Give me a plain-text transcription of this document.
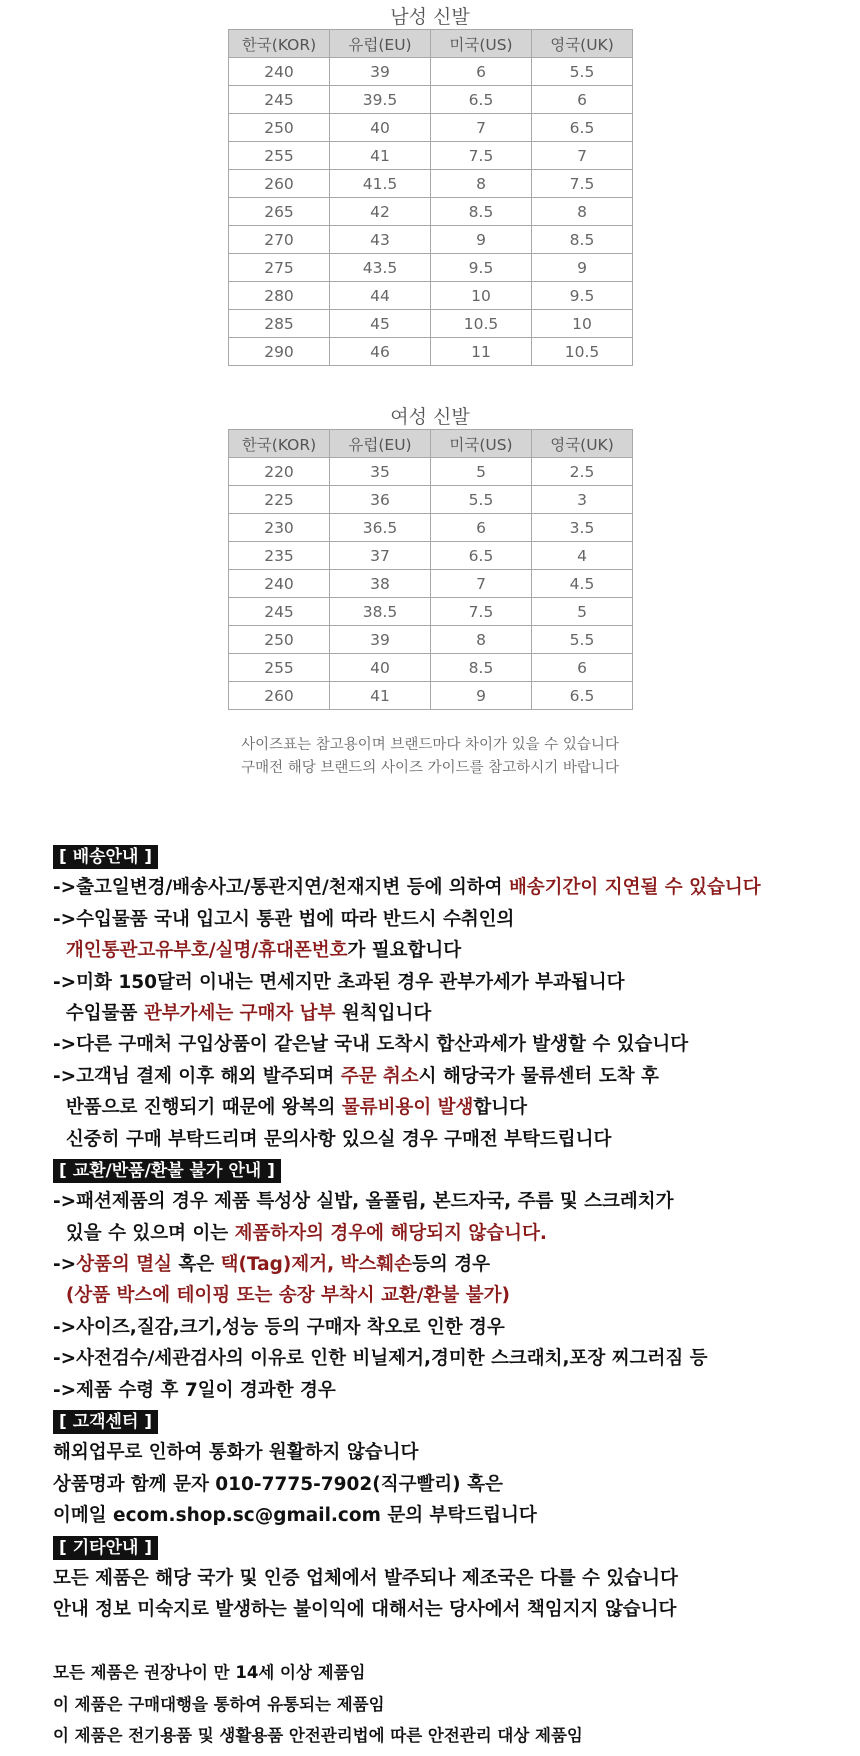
남성 신발
한국(KOR)	유럽(EU)	미국(US)	영국(UK)
240	39	6	5.5
245	39.5	6.5	6
250	40	7	6.5
255	41	7.5	7
260	41.5	8	7.5
265	42	8.5	8
270	43	9	8.5
275	43.5	9.5	9
280	44	10	9.5
285	45	10.5	10
290	46	11	10.5
여성 신발
한국(KOR)	유럽(EU)	미국(US)	영국(UK)
220	35	5	2.5
225	36	5.5	3
230	36.5	6	3.5
235	37	6.5	4
240	38	7	4.5
245	38.5	7.5	5
250	39	8	5.5
255	40	8.5	6
260	41	9	6.5
사이즈표는 참고용이며 브랜드마다 차이가 있을 수 있습니다
구매전 해당 브랜드의 사이즈 가이드를 참고하시기 바랍니다
[ 배송안내 ]
->출고일변경/배송사고/통관지연/천재지변 등에 의하여 배송기간이 지연될 수 있습니다
->수입물품 국내 입고시 통관 법에 따라 반드시 수취인의
개인통관고유부호/실명/휴대폰번호가 필요합니다
->미화 150달러 이내는 면세지만 초과된 경우 관부가세가 부과됩니다
수입물품 관부가세는 구매자 납부 원칙입니다
->다른 구매처 구입상품이 같은날 국내 도착시 합산과세가 발생할 수 있습니다
->고객님 결제 이후 해외 발주되며 주문 취소시 해당국가 물류센터 도착 후
반품으로 진행되기 때문에 왕복의 물류비용이 발생합니다
신중히 구매 부탁드리며 문의사항 있으실 경우 구매전 부탁드립니다
[ 교환/반품/환불 불가 안내 ]
->패션제품의 경우 제품 특성상 실밥, 올풀림, 본드자국, 주름 및 스크레치가
있을 수 있으며 이는 제품하자의 경우에 해당되지 않습니다.
->상품의 멸실 혹은 택(Tag)제거, 박스훼손등의 경우
(상품 박스에 테이핑 또는 송장 부착시 교환/환불 불가)
->사이즈,질감,크기,성능 등의 구매자 착오로 인한 경우
->사전검수/세관검사의 이유로 인한 비닐제거,경미한 스크래치,포장 찌그러짐 등
->제품 수령 후 7일이 경과한 경우
[ 고객센터 ]
해외업무로 인하여 통화가 원활하지 않습니다
상품명과 함께 문자 010-7775-7902(직구빨리) 혹은
이메일 ecom.shop.sc@gmail.com 문의 부탁드립니다
[ 기타안내 ]
모든 제품은 해당 국가 및 인증 업체에서 발주되나 제조국은 다를 수 있습니다
안내 정보 미숙지로 발생하는 불이익에 대해서는 당사에서 책임지지 않습니다
모든 제품은 권장나이 만 14세 이상 제품임
이 제품은 구매대행을 통하여 유통되는 제품임
이 제품은 전기용품 및 생활용품 안전관리법에 따른 안전관리 대상 제품임
